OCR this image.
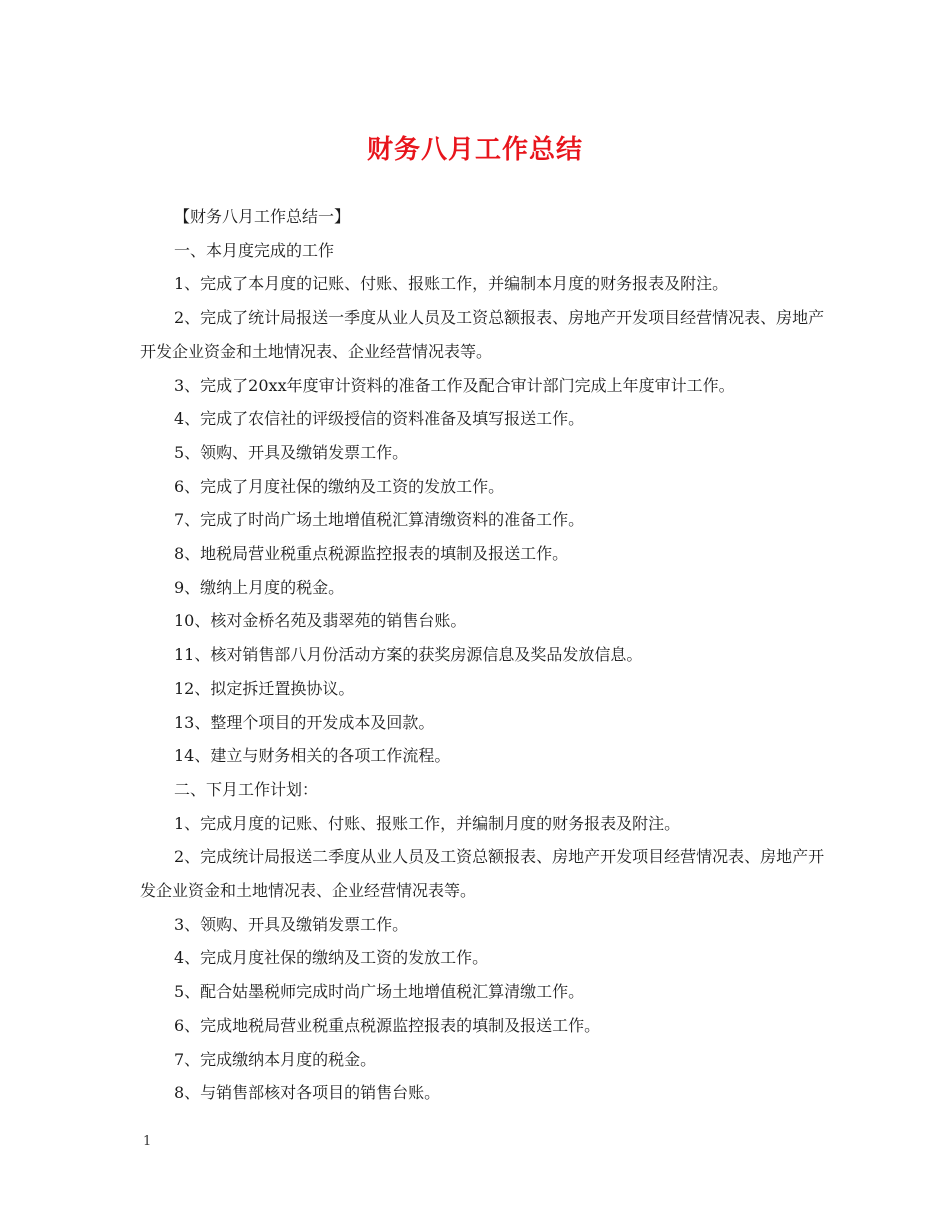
财务八月工作总结

【财务八月工作总结一】

一、本月度完成的工作

1、完成了本月度的记账、付账、报账工作，并编制本月度的财务报表及附注。

2、完成了统计局报送一季度从业人员及工资总额报表、房地产开发项目经营情况表、房地产开发企业资金和土地情况表、企业经营情况表等。

3、完成了20xx年度审计资料的准备工作及配合审计部门完成上年度审计工作。

4、完成了农信社的评级授信的资料准备及填写报送工作。

5、领购、开具及缴销发票工作。

6、完成了月度社保的缴纳及工资的发放工作。

7、完成了时尚广场土地增值税汇算清缴资料的准备工作。

8、地税局营业税重点税源监控报表的填制及报送工作。

9、缴纳上月度的税金。

10、核对金桥名苑及翡翠苑的销售台账。

11、核对销售部八月份活动方案的获奖房源信息及奖品发放信息。

12、拟定拆迁置换协议。

13、整理个项目的开发成本及回款。

14、建立与财务相关的各项工作流程。

二、下月工作计划：

1、完成月度的记账、付账、报账工作，并编制月度的财务报表及附注。

2、完成统计局报送二季度从业人员及工资总额报表、房地产开发项目经营情况表、房地产开发企业资金和土地情况表、企业经营情况表等。

3、领购、开具及缴销发票工作。

4、完成月度社保的缴纳及工资的发放工作。

5、配合姑墨税师完成时尚广场土地增值税汇算清缴工作。

6、完成地税局营业税重点税源监控报表的填制及报送工作。

7、完成缴纳本月度的税金。

8、与销售部核对各项目的销售台账。

1
